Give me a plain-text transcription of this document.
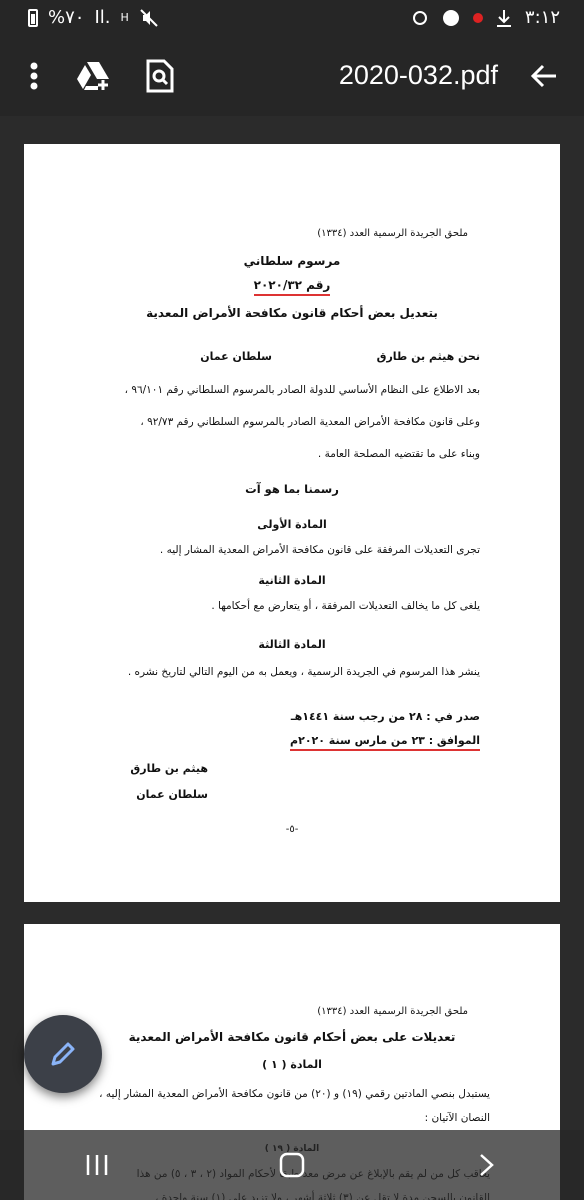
%٧٠ Il. H	٣:١٢
2020-032.pdf
ملحق الجريدة الرسمية العدد (١٣٣٤)
مرسوم سلطاني
رقم ٢٠٢٠/٣٢
بتعديل بعض أحكام قانون مكافحة الأمراض المعدية
نحن هيثم بن طارق
سلطان عمان
بعد الاطلاع على النظام الأساسي للدولة الصادر بالمرسوم السلطاني رقم ٩٦/١٠١ ،
وعلى قانون مكافحة الأمراض المعدية الصادر بالمرسوم السلطاني رقم ٩٢/٧٣ ،
وبناء على ما تقتضيه المصلحة العامة .
رسمنا بما هو آت
المادة الأولى
تجرى التعديلات المرفقة على قانون مكافحة الأمراض المعدية المشار إليه .
المادة الثانية
يلغى كل ما يخالف التعديلات المرفقة ، أو يتعارض مع أحكامها .
المادة الثالثة
ينشر هذا المرسوم في الجريدة الرسمية ، ويعمل به من اليوم التالي لتاريخ نشره .
صدر في : ٢٨ من رجب سنة ١٤٤١هـ
الموافق : ٢٣ من مارس سنة ٢٠٢٠م
هيثم بن طارق
سلطان عمان
-٥-
ملحق الجريدة الرسمية العدد (١٣٣٤)
تعديلات على بعض أحكام قانون مكافحة الأمراض المعدية
المادة ( ١ )
يستبدل بنصي المادتين رقمي (١٩) و (٢٠) من قانون مكافحة الأمراض المعدية المشار إليه ،
النصان الآتيان :
